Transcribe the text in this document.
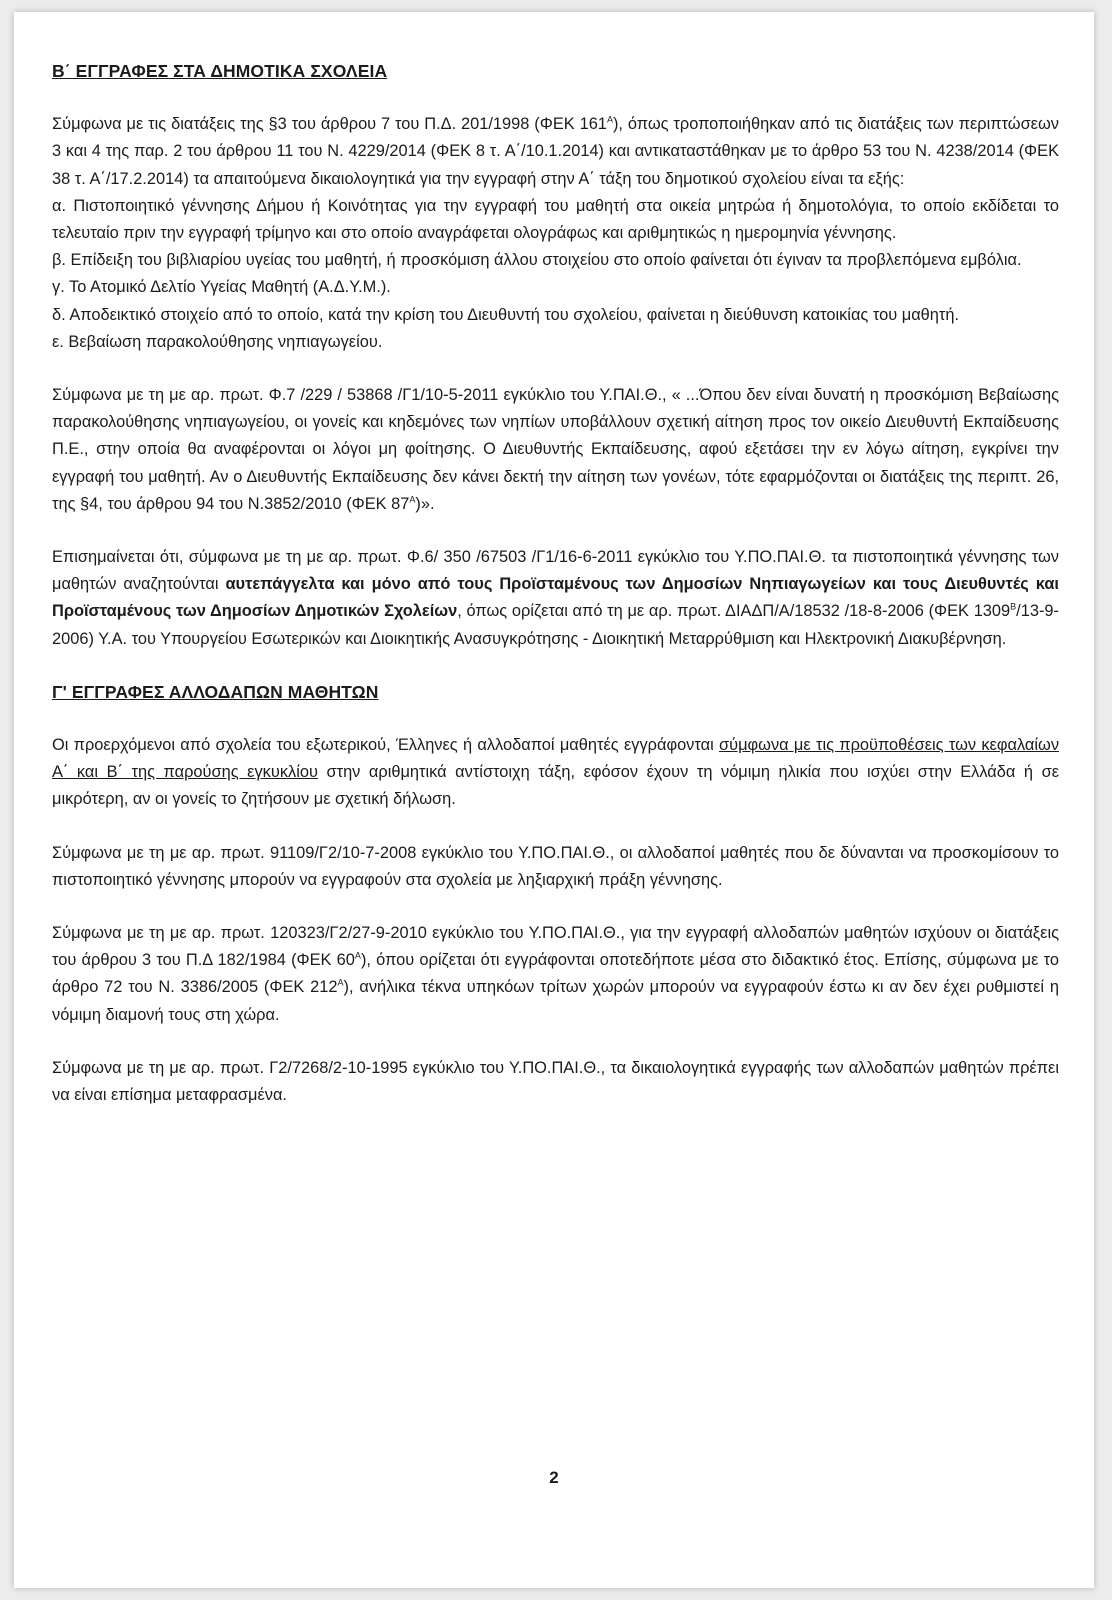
Β΄ ΕΓΓΡΑΦΕΣ ΣΤΑ ΔΗΜΟΤΙΚΑ ΣΧΟΛΕΙΑ

Σύμφωνα με τις διατάξεις της §3 του άρθρου 7 του Π.Δ. 201/1998 (ΦΕΚ $161^A$), όπως τροποποιήθηκαν από τις διατάξεις των περιπτώσεων 3 και 4 της παρ. 2 του άρθρου 11 του Ν. 4229/2014 (ΦΕΚ 8 τ. Α΄/10.1.2014) και αντικαταστάθηκαν με το άρθρο 53 του Ν. 4238/2014 (ΦΕΚ 38 τ. Α΄/17.2.2014) τα απαιτούμενα δικαιολογητικά για την εγγραφή στην Α΄ τάξη του δημοτικού σχολείου είναι τα εξής:

α. Πιστοποιητικό γέννησης Δήμου ή Κοινότητας για την εγγραφή του μαθητή στα οικεία μητρώα ή δημοτολόγια, το οποίο εκδίδεται το τελευταίο πριν την εγγραφή τρίμηνο και στο οποίο αναγράφεται ολογράφως και αριθμητικώς η ημερομηνία γέννησης.

β. Επίδειξη του βιβλιαρίου υγείας του μαθητή, ή προσκόμιση άλλου στοιχείου στο οποίο φαίνεται ότι έγιναν τα προβλεπόμενα εμβόλια.

γ. Το Ατομικό Δελτίο Υγείας Μαθητή (Α.Δ.Υ.Μ.).

δ. Αποδεικτικό στοιχείο από το οποίο, κατά την κρίση του Διευθυντή του σχολείου, φαίνεται η διεύθυνση κατοικίας του μαθητή.

ε. Βεβαίωση παρακολούθησης νηπιαγωγείου.

Σύμφωνα με τη με αρ. πρωτ. Φ.7 /229 / 53868 /Γ1/10-5-2011 εγκύκλιο του Υ.ΠΑΙ.Θ., « ...Όπου δεν είναι δυνατή η προσκόμιση Βεβαίωσης παρακολούθησης νηπιαγωγείου, οι γονείς και κηδεμόνες των νηπίων υποβάλλουν σχετική αίτηση προς τον οικείο Διευθυντή Εκπαίδευσης Π.Ε., στην οποία θα αναφέρονται οι λόγοι μη φοίτησης. Ο Διευθυντής Εκπαίδευσης, αφού εξετάσει την εν λόγω αίτηση, εγκρίνει την εγγραφή του μαθητή. Αν ο Διευθυντής Εκπαίδευσης δεν κάνει δεκτή την αίτηση των γονέων, τότε εφαρμόζονται οι διατάξεις της περιπτ. 26, της §4, του άρθρου 94 του Ν.3852/2010 (ΦΕΚ $87^A$)».

Επισημαίνεται ότι, σύμφωνα με τη με αρ. πρωτ. Φ.6/ 350 /67503 /Γ1/16-6-2011 εγκύκλιο του Υ.ΠΟ.ΠΑΙ.Θ. τα πιστοποιητικά γέννησης των μαθητών αναζητούνται αυτεπάγγελτα και μόνο από τους Προϊσταμένους των Δημοσίων Νηπιαγωγείων και τους Διευθυντές και Προϊσταμένους των Δημοσίων Δημοτικών Σχολείων, όπως ορίζεται από τη με αρ. πρωτ. ΔΙΑΔΠ/Α/18532 /18-8-2006 (ΦΕΚ $1309^B/13-9-2006$) Υ.Α. του Υπουργείου Εσωτερικών και Διοικητικής Ανασυγκρότησης - Διοικητική Μεταρρύθμιση και Ηλεκτρονική Διακυβέρνηση.

Γ' ΕΓΓΡΑΦΕΣ ΑΛΛΟΔΑΠΩΝ ΜΑΘΗΤΩΝ

Οι προερχόμενοι από σχολεία του εξωτερικού, Έλληνες ή αλλοδαποί μαθητές εγγράφονται σύμφωνα με τις προϋποθέσεις των κεφαλαίων Α΄ και Β΄ της παρούσης εγκυκλίου στην αριθμητικά αντίστοιχη τάξη, εφόσον έχουν τη νόμιμη ηλικία που ισχύει στην Ελλάδα ή σε μικρότερη, αν οι γονείς το ζητήσουν με σχετική δήλωση.

Σύμφωνα με τη με αρ. πρωτ. 91109/Γ2/10-7-2008 εγκύκλιο του Υ.ΠΟ.ΠΑΙ.Θ., οι αλλοδαποί μαθητές που δε δύνανται να προσκομίσουν το πιστοποιητικό γέννησης μπορούν να εγγραφούν στα σχολεία με ληξιαρχική πράξη γέννησης.

Σύμφωνα με τη με αρ. πρωτ. 120323/Γ2/27-9-2010 εγκύκλιο του Υ.ΠΟ.ΠΑΙ.Θ., για την εγγραφή αλλοδαπών μαθητών ισχύουν οι διατάξεις του άρθρου 3 του Π.Δ 182/1984 (ΦΕΚ $60^A$), όπου ορίζεται ότι εγγράφονται οποτεδήποτε μέσα στο διδακτικό έτος. Επίσης, σύμφωνα με το άρθρο 72 του Ν. 3386/2005 (ΦΕΚ $212^A$), ανήλικα τέκνα υπηκόων τρίτων χωρών μπορούν να εγγραφούν έστω κι αν δεν έχει ρυθμιστεί η νόμιμη διαμονή τους στη χώρα.

Σύμφωνα με τη με αρ. πρωτ. Γ2/7268/2-10-1995 εγκύκλιο του Υ.ΠΟ.ΠΑΙ.Θ., τα δικαιολογητικά εγγραφής των αλλοδαπών μαθητών πρέπει να είναι επίσημα μεταφρασμένα.

2
